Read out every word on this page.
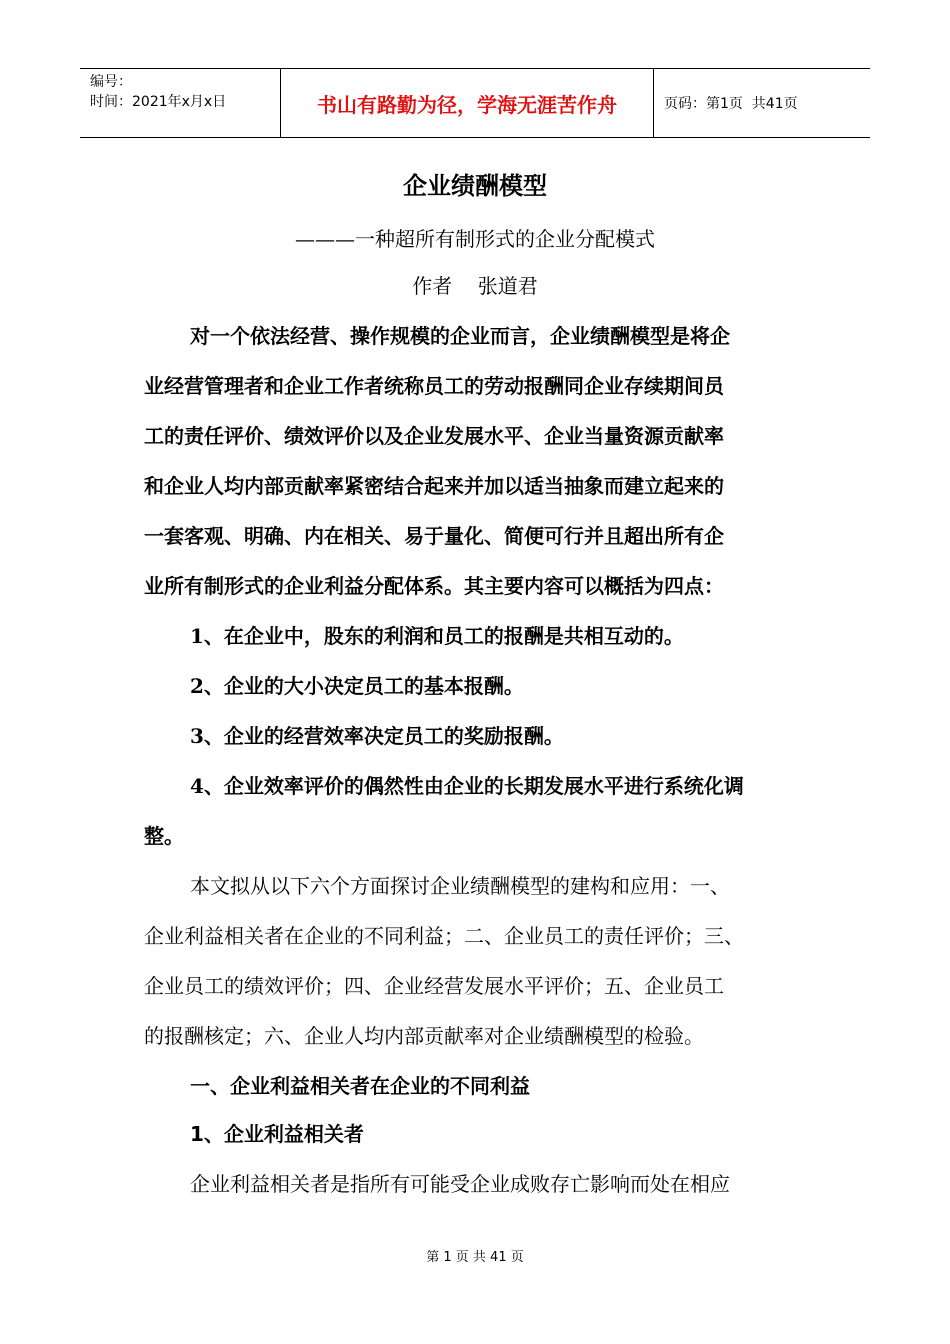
编号：
时间：2021年x月x日	书山有路勤为径，学海无涯苦作舟	页码：第1页  共41页
企业绩酬模型
———一种超所有制形式的企业分配模式
作者    张道君
对一个依法经营、操作规模的企业而言，企业绩酬模型是将企
业经营管理者和企业工作者统称员工的劳动报酬同企业存续期间员
工的责任评价、绩效评价以及企业发展水平、企业当量资源贡献率
和企业人均内部贡献率紧密结合起来并加以适当抽象而建立起来的
一套客观、明确、内在相关、易于量化、简便可行并且超出所有企
业所有制形式的企业利益分配体系。其主要内容可以概括为四点：
1、在企业中，股东的利润和员工的报酬是共相互动的。
2、企业的大小决定员工的基本报酬。
3、企业的经营效率决定员工的奖励报酬。
4、企业效率评价的偶然性由企业的长期发展水平进行系统化调
整。
本文拟从以下六个方面探讨企业绩酬模型的建构和应用：一、
企业利益相关者在企业的不同利益；二、企业员工的责任评价；三、
企业员工的绩效评价；四、企业经营发展水平评价；五、企业员工
的报酬核定；六、企业人均内部贡献率对企业绩酬模型的检验。
一、企业利益相关者在企业的不同利益
1、企业利益相关者
企业利益相关者是指所有可能受企业成败存亡影响而处在相应
第 1 页 共 41 页
